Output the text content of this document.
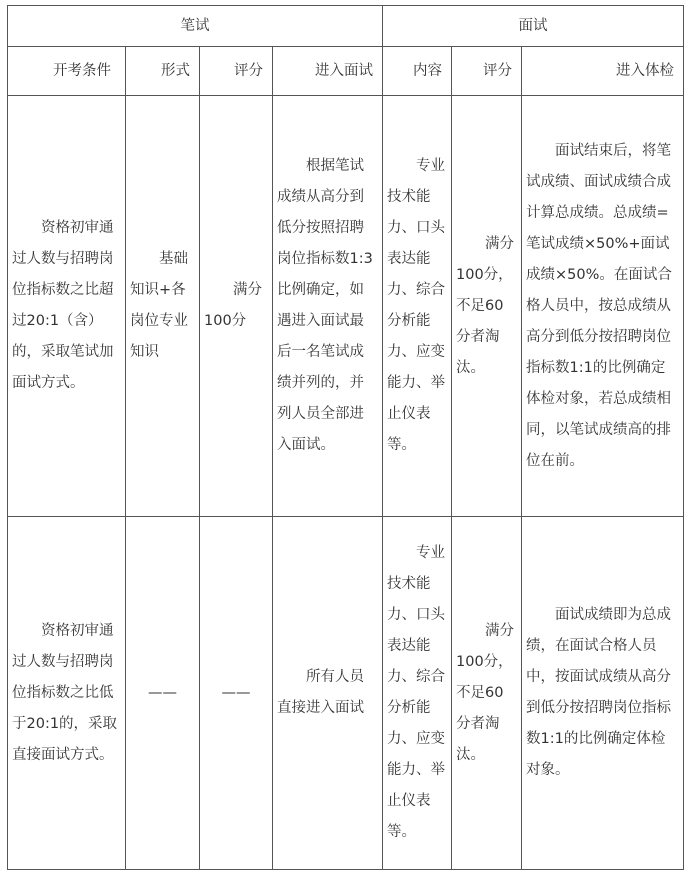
笔试				面试		
开考条件	形式	评分	进入面试	内容	评分	进入体检
资格初审通过人数与招聘岗位指标数之比超过20:1（含）的，采取笔试加面试方式。	基础知识+各岗位专业知识	满分100分	根据笔试成绩从高分到低分按照招聘岗位指标数1:3比例确定，如遇进入面试最后一名笔试成绩并列的，并列人员全部进入面试。	专业技术能力、口头表达能力、综合分析能力、应变能力、举止仪表等。	满分100分，不足60分者淘汰。	面试结束后，将笔试成绩、面试成绩合成计算总成绩。总成绩=笔试成绩×50%+面试成绩×50%。在面试合格人员中，按总成绩从高分到低分按招聘岗位指标数1:1的比例确定体检对象，若总成绩相同，以笔试成绩高的排位在前。
资格初审通过人数与招聘岗位指标数之比低于20:1的，采取直接面试方式。	——	——	所有人员直接进入面试	专业技术能力、口头表达能力、综合分析能力、应变能力、举止仪表等。	满分100分，不足60分者淘汰。	面试成绩即为总成绩，在面试合格人员中，按面试成绩从高分到低分按招聘岗位指标数1:1的比例确定体检对象。
